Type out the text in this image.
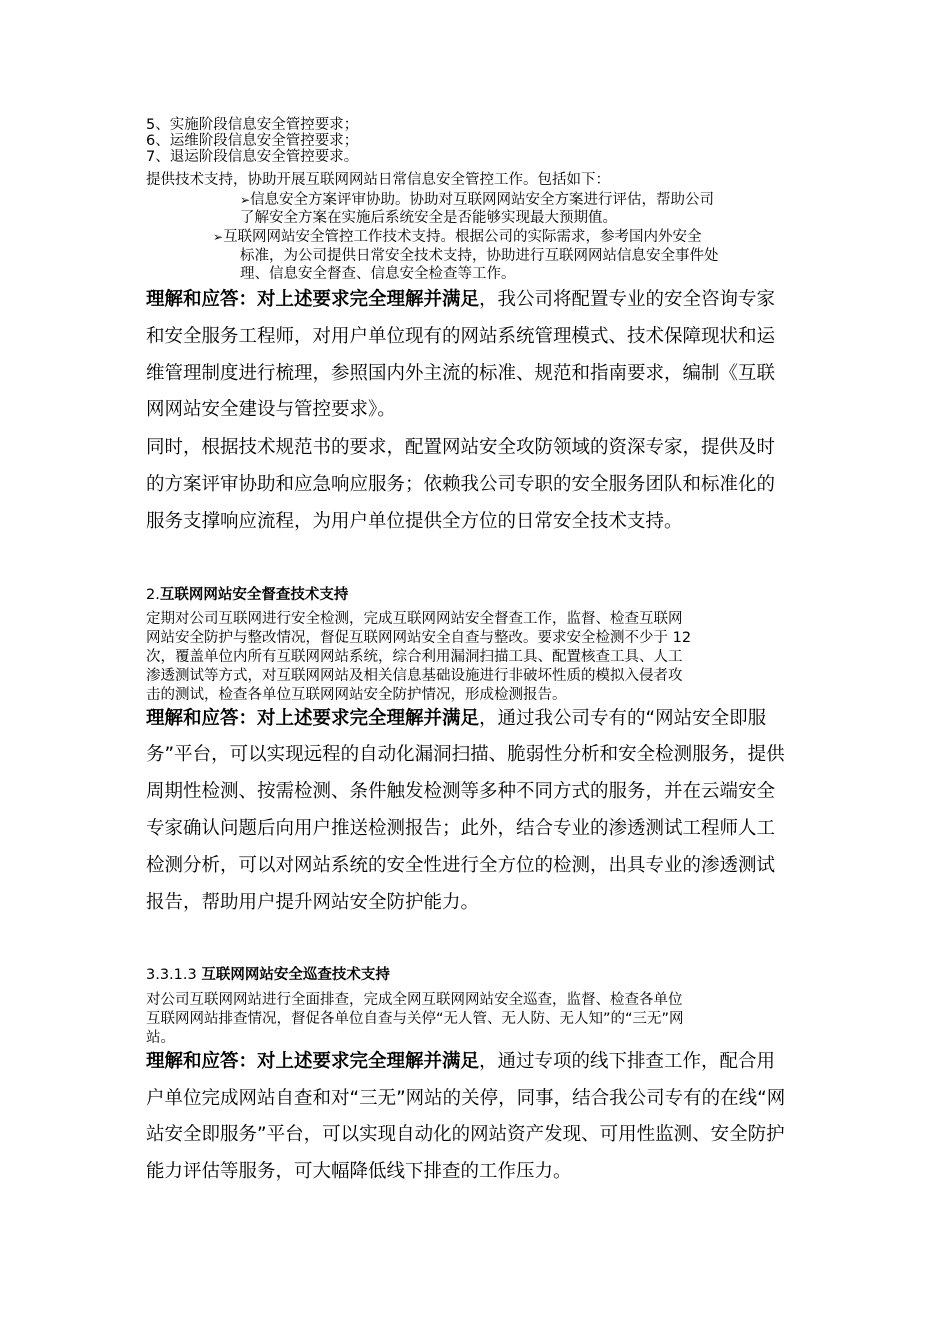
5、实施阶段信息安全管控要求；
6、运维阶段信息安全管控要求；
7、退运阶段信息安全管控要求。
提供技术支持，协助开展互联网网站日常信息安全管控工作。包括如下：
➢信息安全方案评审协助。协助对互联网网站安全方案进行评估，帮助公司
了解安全方案在实施后系统安全是否能够实现最大预期值。
➢互联网网站安全管控工作技术支持。根据公司的实际需求，参考国内外安全
标准，为公司提供日常安全技术支持，协助进行互联网网站信息安全事件处
理、信息安全督查、信息安全检查等工作。
理解和应答：对上述要求完全理解并满足，我公司将配置专业的安全咨询专家
和安全服务工程师，对用户单位现有的网站系统管理模式、技术保障现状和运
维管理制度进行梳理，参照国内外主流的标准、规范和指南要求，编制《互联
网网站安全建设与管控要求》。
同时，根据技术规范书的要求，配置网站安全攻防领域的资深专家，提供及时
的方案评审协助和应急响应服务；依赖我公司专职的安全服务团队和标准化的
服务支撑响应流程，为用户单位提供全方位的日常安全技术支持。
2.互联网网站安全督查技术支持
定期对公司互联网进行安全检测，完成互联网网站安全督查工作，监督、检查互联网
网站安全防护与整改情况，督促互联网网站安全自查与整改。要求安全检测不少于 12
次，覆盖单位内所有互联网网站系统，综合利用漏洞扫描工具、配置核查工具、人工
渗透测试等方式，对互联网网站及相关信息基础设施进行非破坏性质的模拟入侵者攻
击的测试，检查各单位互联网网站安全防护情况，形成检测报告。
理解和应答：对上述要求完全理解并满足，通过我公司专有的“网站安全即服
务”平台，可以实现远程的自动化漏洞扫描、脆弱性分析和安全检测服务，提供
周期性检测、按需检测、条件触发检测等多种不同方式的服务，并在云端安全
专家确认问题后向用户推送检测报告；此外，结合专业的渗透测试工程师人工
检测分析，可以对网站系统的安全性进行全方位的检测，出具专业的渗透测试
报告，帮助用户提升网站安全防护能力。
3.3.1.3 互联网网站安全巡查技术支持
对公司互联网网站进行全面排查，完成全网互联网网站安全巡查，监督、检查各单位
互联网网站排查情况，督促各单位自查与关停“无人管、无人防、无人知”的“三无”网
站。
理解和应答：对上述要求完全理解并满足，通过专项的线下排查工作，配合用
户单位完成网站自查和对“三无”网站的关停，同事，结合我公司专有的在线“网
站安全即服务”平台，可以实现自动化的网站资产发现、可用性监测、安全防护
能力评估等服务，可大幅降低线下排查的工作压力。
